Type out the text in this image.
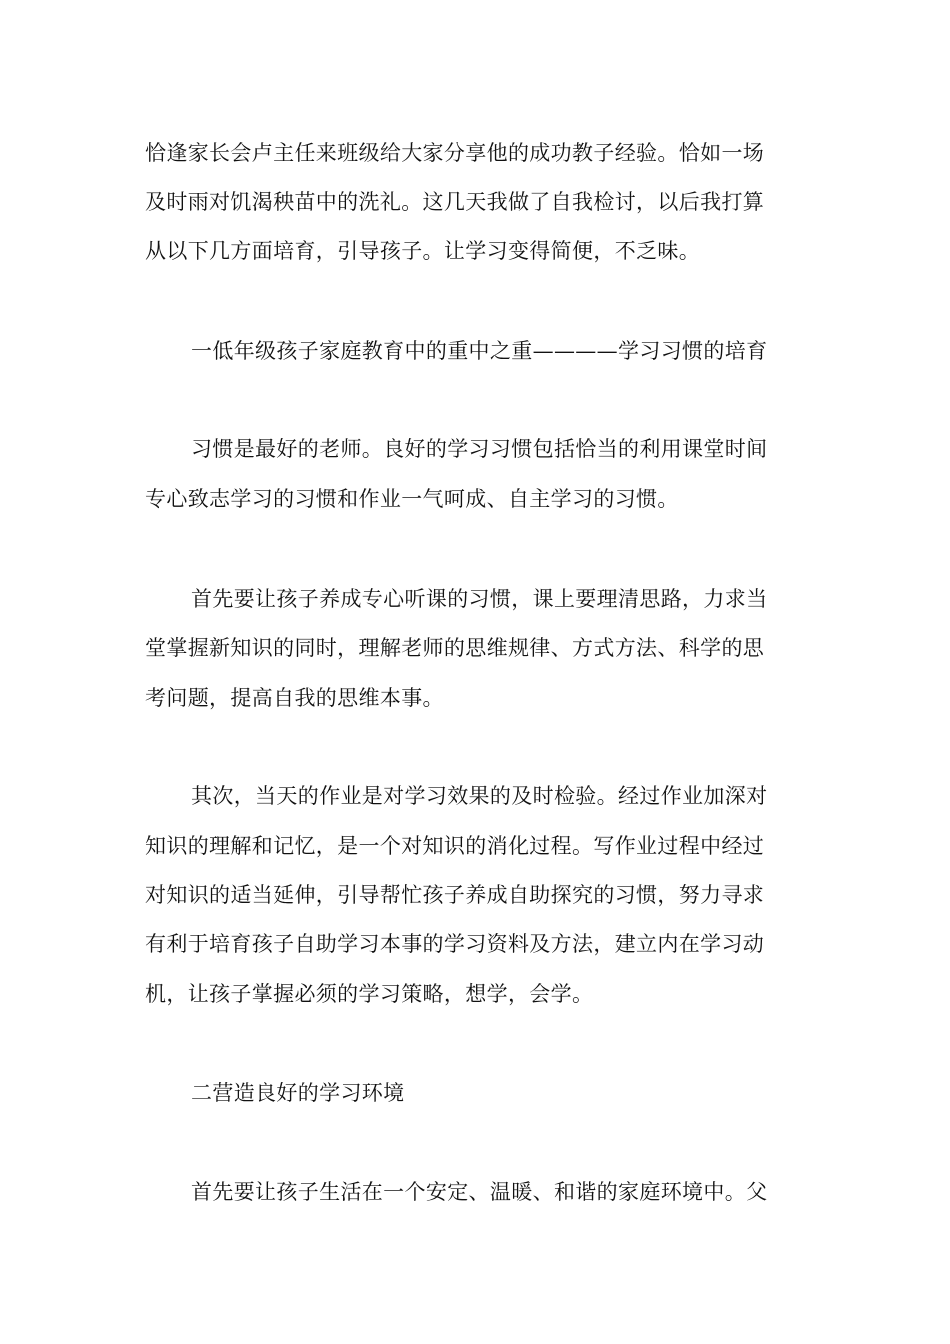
恰逢家长会卢主任来班级给大家分享他的成功教子经验。恰如一场
及时雨对饥渴秧苗中的洗礼。这几天我做了自我检讨，以后我打算
从以下几方面培育，引导孩子。让学习变得简便，不乏味。
一低年级孩子家庭教育中的重中之重————学习习惯的培育
习惯是最好的老师。良好的学习习惯包括恰当的利用课堂时间
专心致志学习的习惯和作业一气呵成、自主学习的习惯。
首先要让孩子养成专心听课的习惯，课上要理清思路，力求当
堂掌握新知识的同时，理解老师的思维规律、方式方法、科学的思
考问题，提高自我的思维本事。
其次，当天的作业是对学习效果的及时检验。经过作业加深对
知识的理解和记忆，是一个对知识的消化过程。写作业过程中经过
对知识的适当延伸，引导帮忙孩子养成自助探究的习惯，努力寻求
有利于培育孩子自助学习本事的学习资料及方法，建立内在学习动
机，让孩子掌握必须的学习策略，想学，会学。
二营造良好的学习环境
首先要让孩子生活在一个安定、温暖、和谐的家庭环境中。父
